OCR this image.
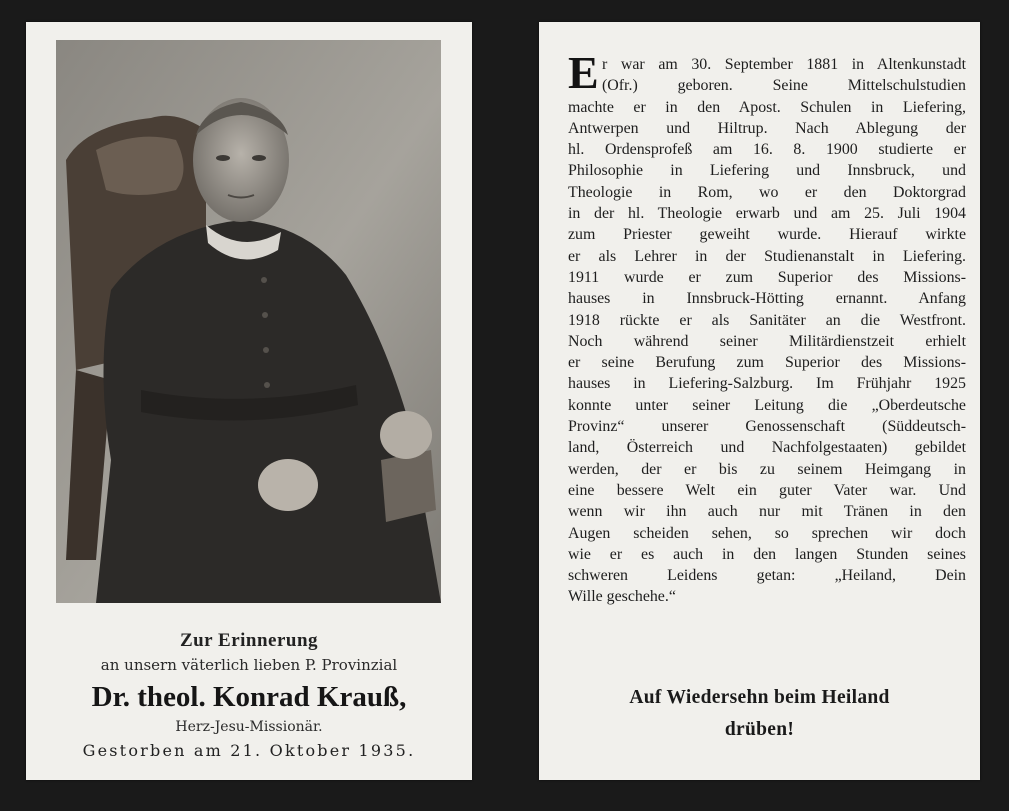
Zur Erinnerung
an unsern väterlich lieben P. Provinzial
Dr. theol. Konrad Krauß,
Herz-Jesu-Missionär.
Gestorben am 21. Oktober 1935.
E r war am 30. September 1881 in Altenkunstadt
(Ofr.) geboren. Seine Mittelschulstudien
machte er in den Apost. Schulen in Liefering,
Antwerpen und Hiltrup. Nach Ablegung der
hl. Ordensprofeß am 16. 8. 1900 studierte er
Philosophie in Liefering und Innsbruck, und
Theologie in Rom, wo er den Doktorgrad
in der hl. Theologie erwarb und am 25. Juli 1904
zum Priester geweiht wurde. Hierauf wirkte
er als Lehrer in der Studienanstalt in Liefering.
1911 wurde er zum Superior des Missions-
hauses in Innsbruck-Hötting ernannt. Anfang
1918 rückte er als Sanitäter an die Westfront.
Noch während seiner Militärdienstzeit erhielt
er seine Berufung zum Superior des Missions-
hauses in Liefering-Salzburg. Im Frühjahr 1925
konnte unter seiner Leitung die „Oberdeutsche
Provinz“ unserer Genossenschaft (Süddeutsch-
land, Österreich und Nachfolgestaaten) gebildet
werden, der er bis zu seinem Heimgang in
eine bessere Welt ein guter Vater war. Und
wenn wir ihn auch nur mit Tränen in den
Augen scheiden sehen, so sprechen wir doch
wie er es auch in den langen Stunden seines
schweren Leidens getan: „Heiland, Dein
Wille geschehe.“
Auf Wiedersehn beim Heiland
drüben!
